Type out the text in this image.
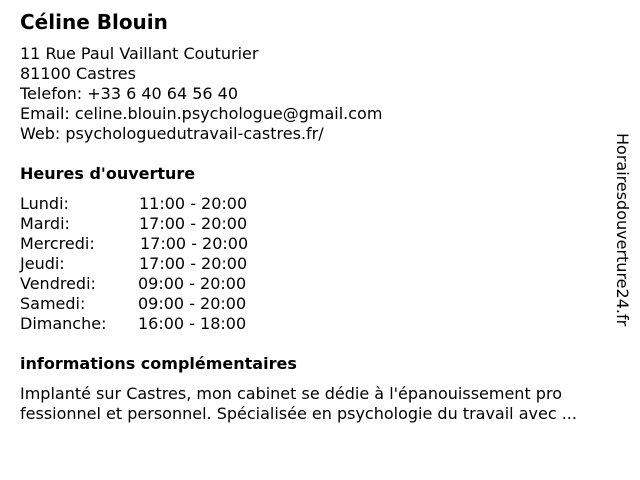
Céline Blouin
11 Rue Paul Vaillant Couturier
81100 Castres
Telefon: +33 6 40 64 56 40
Email: celine.blouin.psychologue@gmail.com
Web: psychologuedutravail-castres.fr/
Heures d'ouverture
Lundi:	11:00 - 20:00
Mardi:	17:00 - 20:00
Mercredi:	17:00 - 20:00
Jeudi:	17:00 - 20:00
Vendredi:	09:00 - 20:00
Samedi:	09:00 - 20:00
Dimanche: 16:00 - 18:00
informations complémentaires
Implanté sur Castres, mon cabinet se dédie à l'épanouissement pro
fessionnel et personnel. Spécialisée en psychologie du travail avec ...
Horairesdouverture24.fr
